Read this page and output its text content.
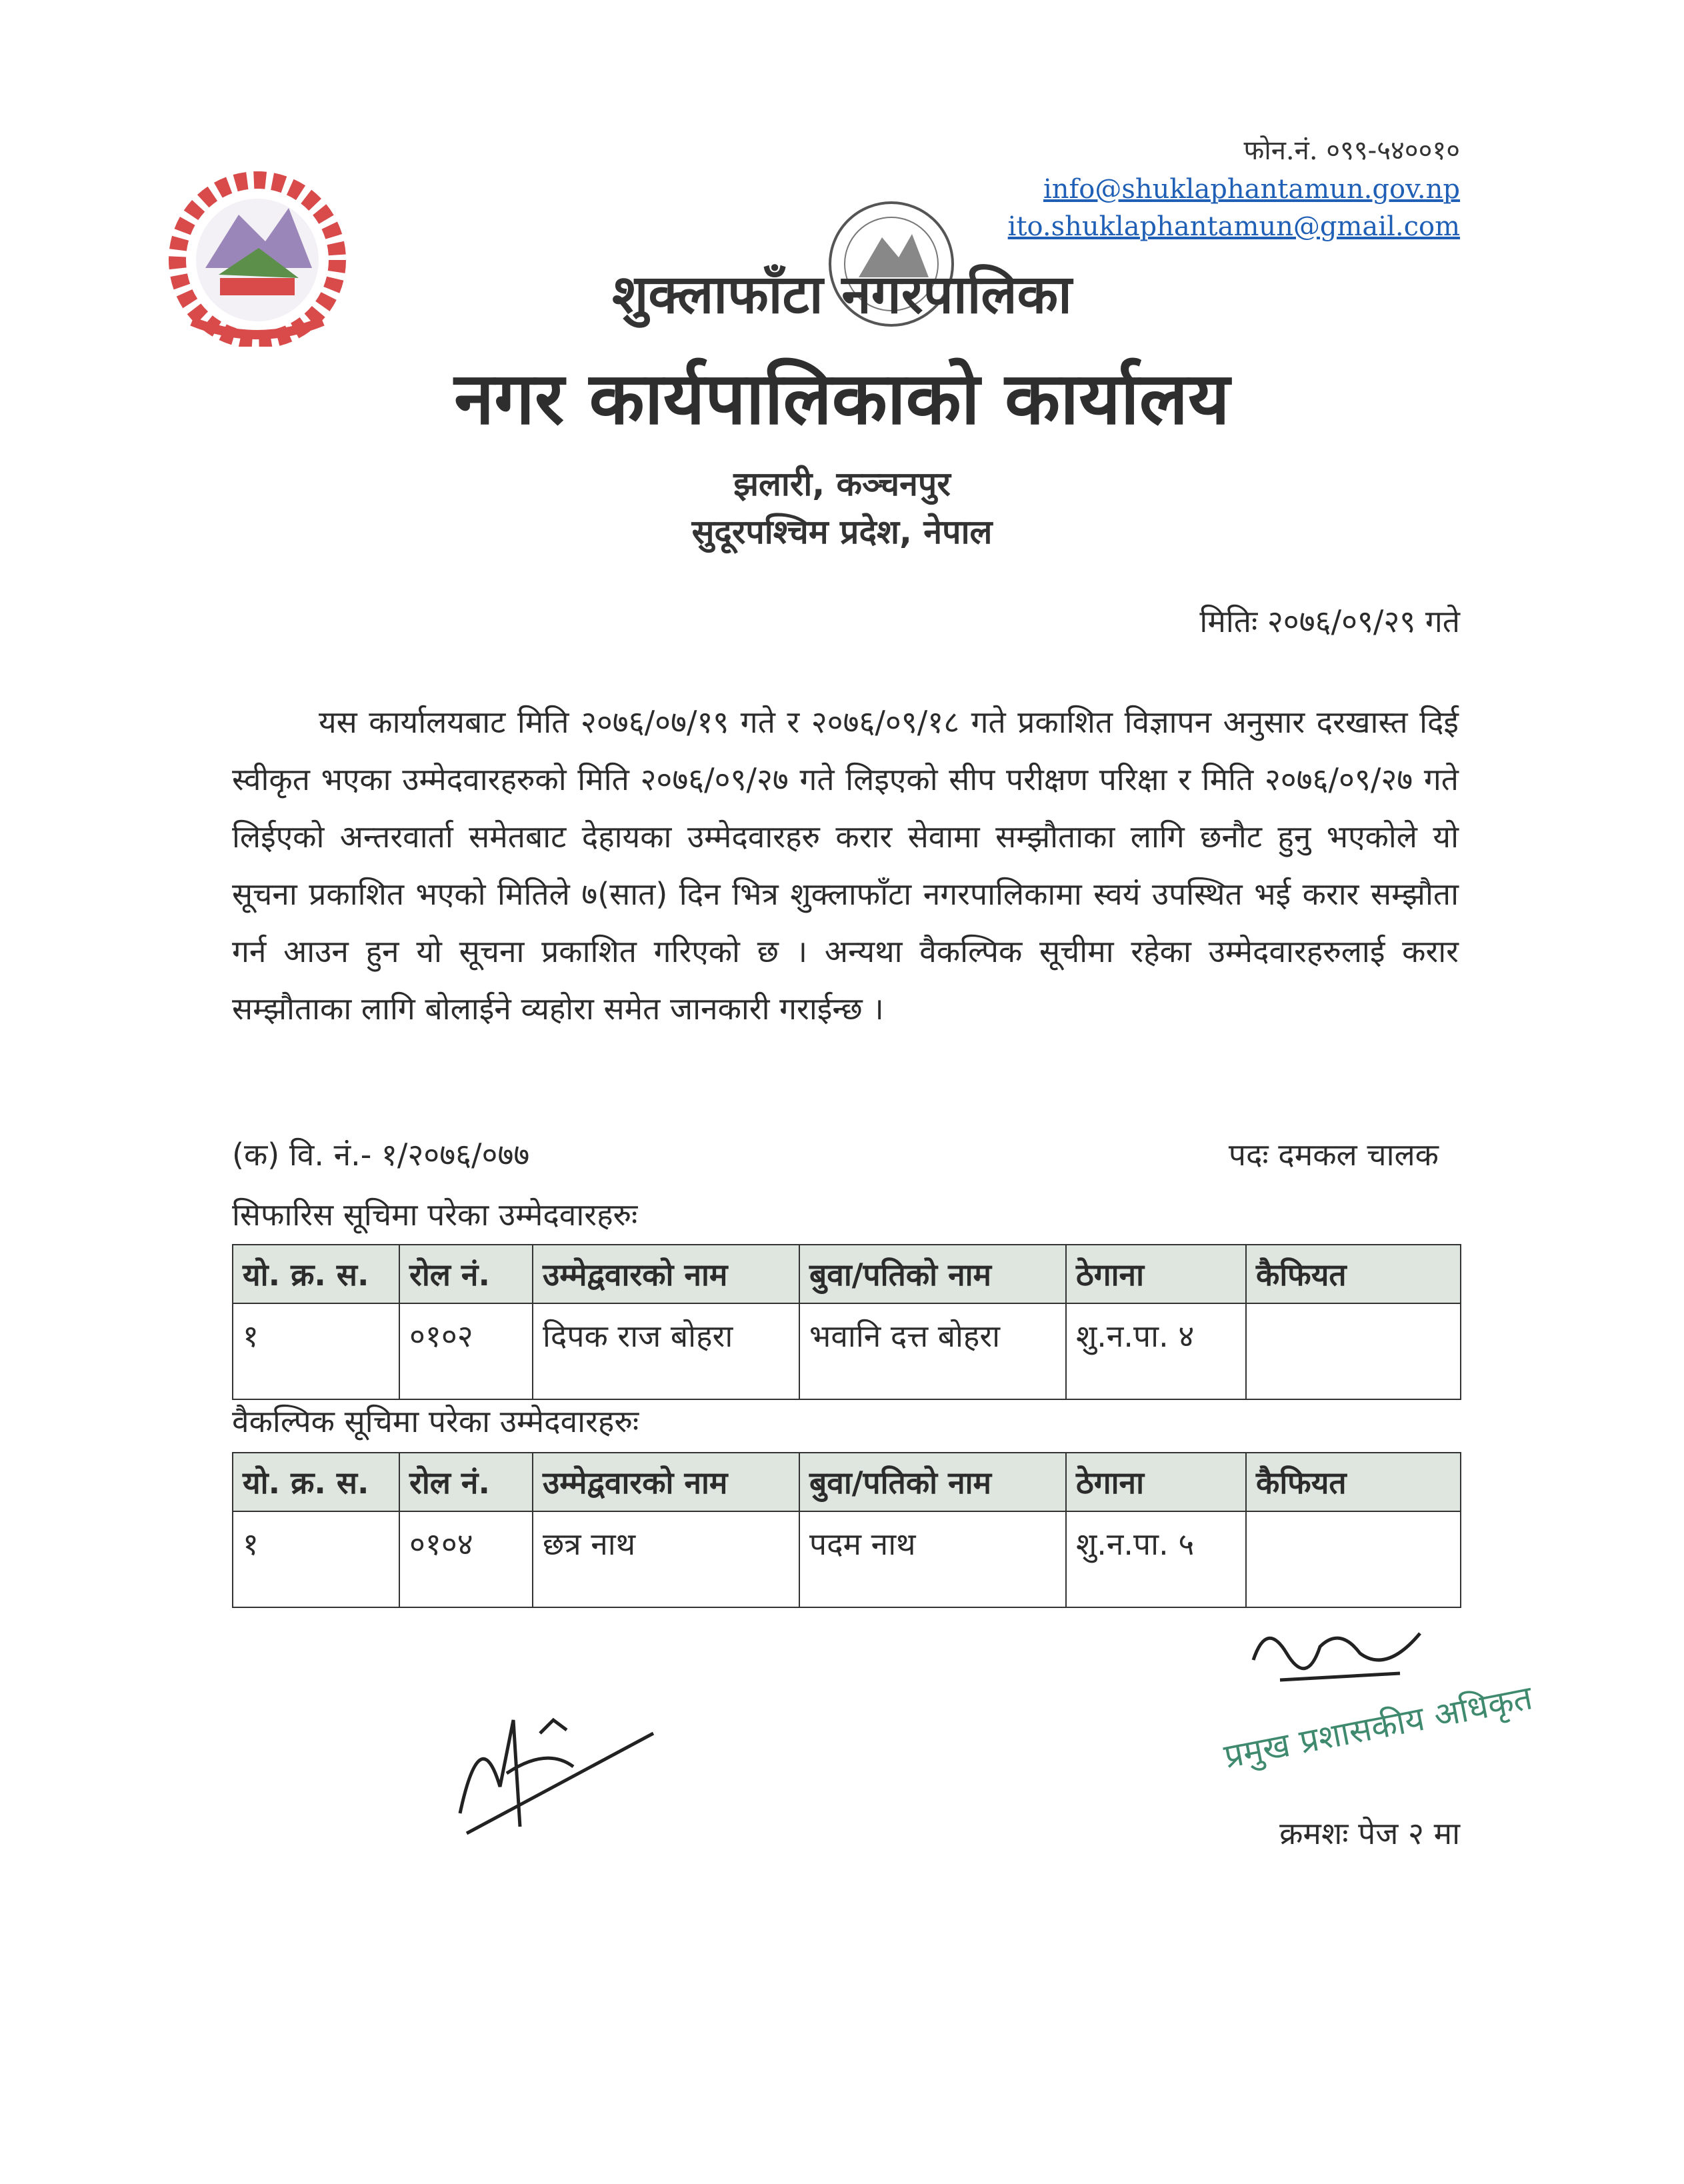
फोन.नं. ०९९-५४००१०
info@shuklaphantamun.gov.np
ito.shuklaphantamun@gmail.com
शुक्लाफाँटा नगरपालिका
नगर कार्यपालिकाको कार्यालय
झलारी, कञ्चनपुर
सुदूरपश्चिम प्रदेश, नेपाल
मितिः २०७६/०९/२९ गते
यस कार्यालयबाट मिति २०७६/०७/१९ गते र २०७६/०९/१८ गते प्रकाशित विज्ञापन अनुसार दरखास्त दिई स्वीकृत भएका उम्मेदवारहरुको मिति २०७६/०९/२७ गते लिइएको सीप परीक्षण परिक्षा र मिति २०७६/०९/२७ गते लिईएको अन्तरवार्ता समेतबाट देहायका उम्मेदवारहरु करार सेवामा सम्झौताका लागि छनौट हुनु भएकोले यो सूचना प्रकाशित भएको मितिले ७(सात) दिन भित्र शुक्लाफाँटा नगरपालिकामा स्वयं उपस्थित भई करार सम्झौता गर्न आउन हुन यो सूचना प्रकाशित गरिएको छ । अन्यथा वैकल्पिक सूचीमा रहेका उम्मेदवारहरुलाई करार सम्झौताका लागि बोलाईने व्यहोरा समेत जानकारी गराईन्छ ।
(क) वि. नं.- १/२०७६/०७७	पदः दमकल चालक
सिफारिस सूचिमा परेका उम्मेदवारहरुः
यो. क्र. स.	रोल नं.	उम्मेद्ववारको नाम	बुवा/पतिको नाम	ठेगाना	कैफियत
१	०१०२	दिपक राज बोहरा	भवानि दत्त बोहरा	शु.न.पा. ४	
वैकल्पिक सूचिमा परेका उम्मेदवारहरुः
यो. क्र. स.	रोल नं.	उम्मेद्ववारको नाम	बुवा/पतिको नाम	ठेगाना	कैफियत
१	०१०४	छत्र नाथ	पदम नाथ	शु.न.पा. ५	
प्रमुख प्रशासकीय अधिकृत
क्रमशः पेज २ मा
